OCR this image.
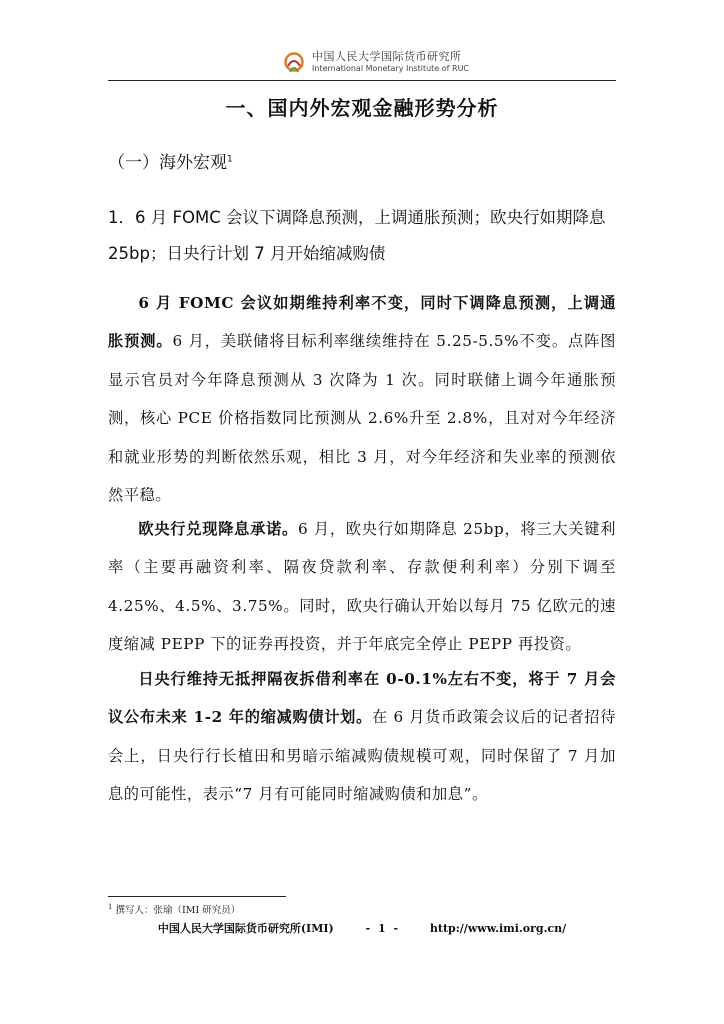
中国人民大学国际货币研究所
International Monetary Institute of RUC
一、国内外宏观金融形势分析
（一）海外宏观$^1$
1．6 月 FOMC 会议下调降息预测，上调通胀预测；欧央行如期降息 25bp；日央行计划 7 月开始缩减购债

6 月 FOMC 会议如期维持利率不变，同时下调降息预测，上调通胀预测。6 月，美联储将目标利率继续维持在 5.25-5.5%不变。点阵图显示官员对今年降息预测从 3 次降为 1 次。同时联储上调今年通胀预测，核心 PCE 价格指数同比预测从 2.6%升至 2.8%，且对对今年经济和就业形势的判断依然乐观，相比 3 月，对今年经济和失业率的预测依然平稳。

欧央行兑现降息承诺。6 月，欧央行如期降息 25bp，将三大关键利率（主要再融资利率、隔夜贷款利率、存款便利利率）分别下调至 4.25%、4.5%、3.75%。同时，欧央行确认开始以每月 75 亿欧元的速度缩减 PEPP 下的证券再投资，并于年底完全停止 PEPP 再投资。

日央行维持无抵押隔夜拆借利率在 0-0.1%左右不变，将于 7 月会议公布未来 1-2 年的缩减购债计划。在 6 月货币政策会议后的记者招待会上，日央行行长植田和男暗示缩减购债规模可观，同时保留了 7 月加息的可能性，表示“7 月有可能同时缩减购债和加息”。

$^1$ 撰写人：张瑜（IMI 研究员）
中国人民大学国际货币研究所(IMI)	- 1 -	http://www.imi.org.cn/
